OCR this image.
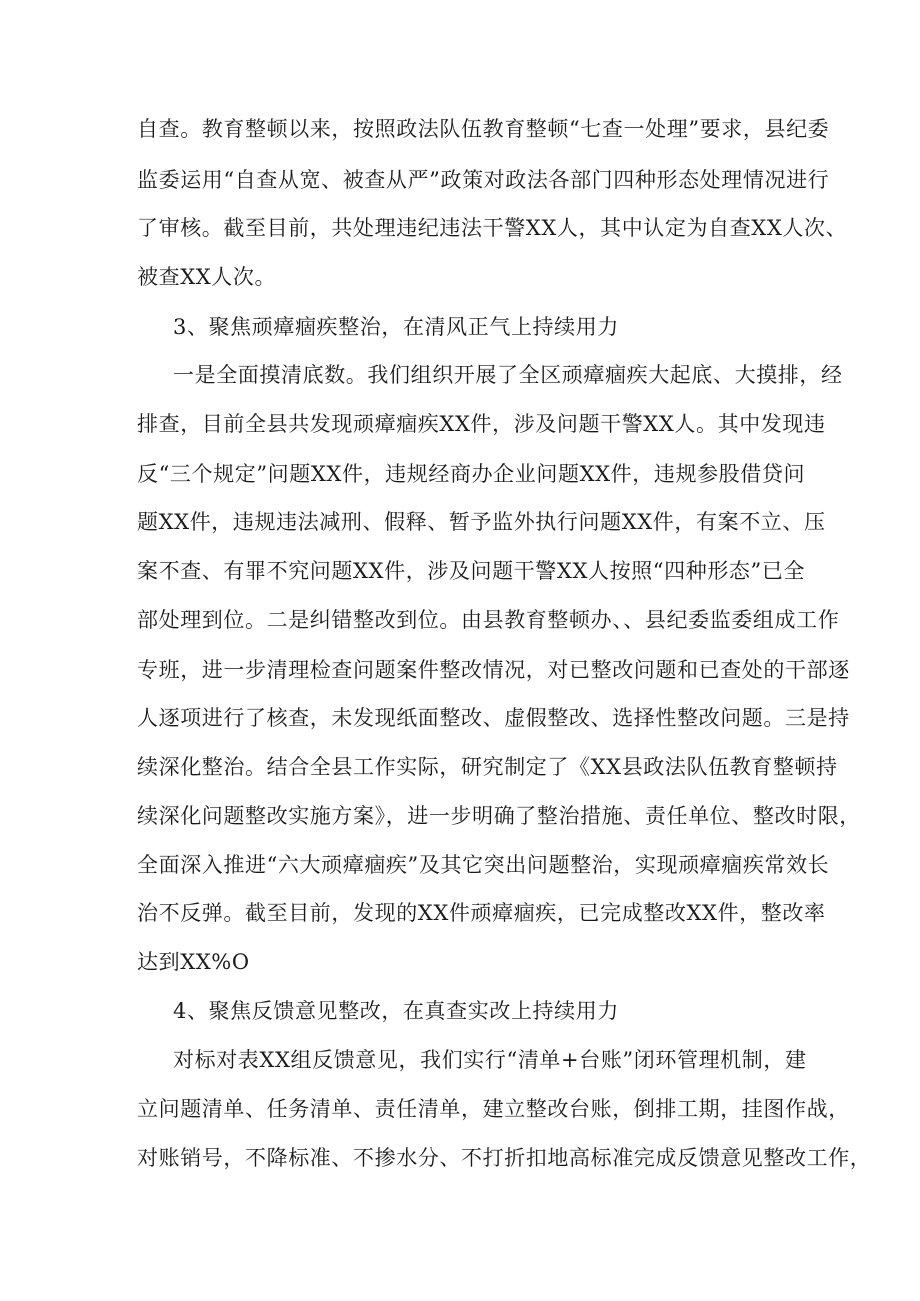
自查。教育整顿以来，按照政法队伍教育整顿“七查一处理”要求，县纪委
监委运用“自查从宽、被查从严”政策对政法各部门四种形态处理情况进行
了审核。截至目前，共处理违纪违法干警XX人，其中认定为自查XX人次、
被查XX人次。
3、聚焦顽瘴痼疾整治，在清风正气上持续用力
一是全面摸清底数。我们组织开展了全区顽瘴痼疾大起底、大摸排，经
排查，目前全县共发现顽瘴痼疾XX件，涉及问题干警XX人。其中发现违
反“三个规定”问题XX件，违规经商办企业问题XX件，违规参股借贷问
题XX件，违规违法减刑、假释、暂予监外执行问题XX件，有案不立、压
案不查、有罪不究问题XX件，涉及问题干警XX人按照“四种形态”已全
部处理到位。二是纠错整改到位。由县教育整顿办、、县纪委监委组成工作
专班，进一步清理检查问题案件整改情况，对已整改问题和已查处的干部逐
人逐项进行了核查，未发现纸面整改、虚假整改、选择性整改问题。三是持
续深化整治。结合全县工作实际，研究制定了《XX县政法队伍教育整顿持
续深化问题整改实施方案》，进一步明确了整治措施、责任单位、整改时限，
全面深入推进“六大顽瘴痼疾”及其它突出问题整治，实现顽瘴痼疾常效长
治不反弹。截至目前，发现的XX件顽瘴痼疾，已完成整改XX件，整改率
达到XX%O
4、聚焦反馈意见整改，在真查实改上持续用力
对标对表XX组反馈意见，我们实行“清单+台账”闭环管理机制，建
立问题清单、任务清单、责任清单，建立整改台账，倒排工期，挂图作战，
对账销号，不降标准、不掺水分、不打折扣地高标准完成反馈意见整改工作，
